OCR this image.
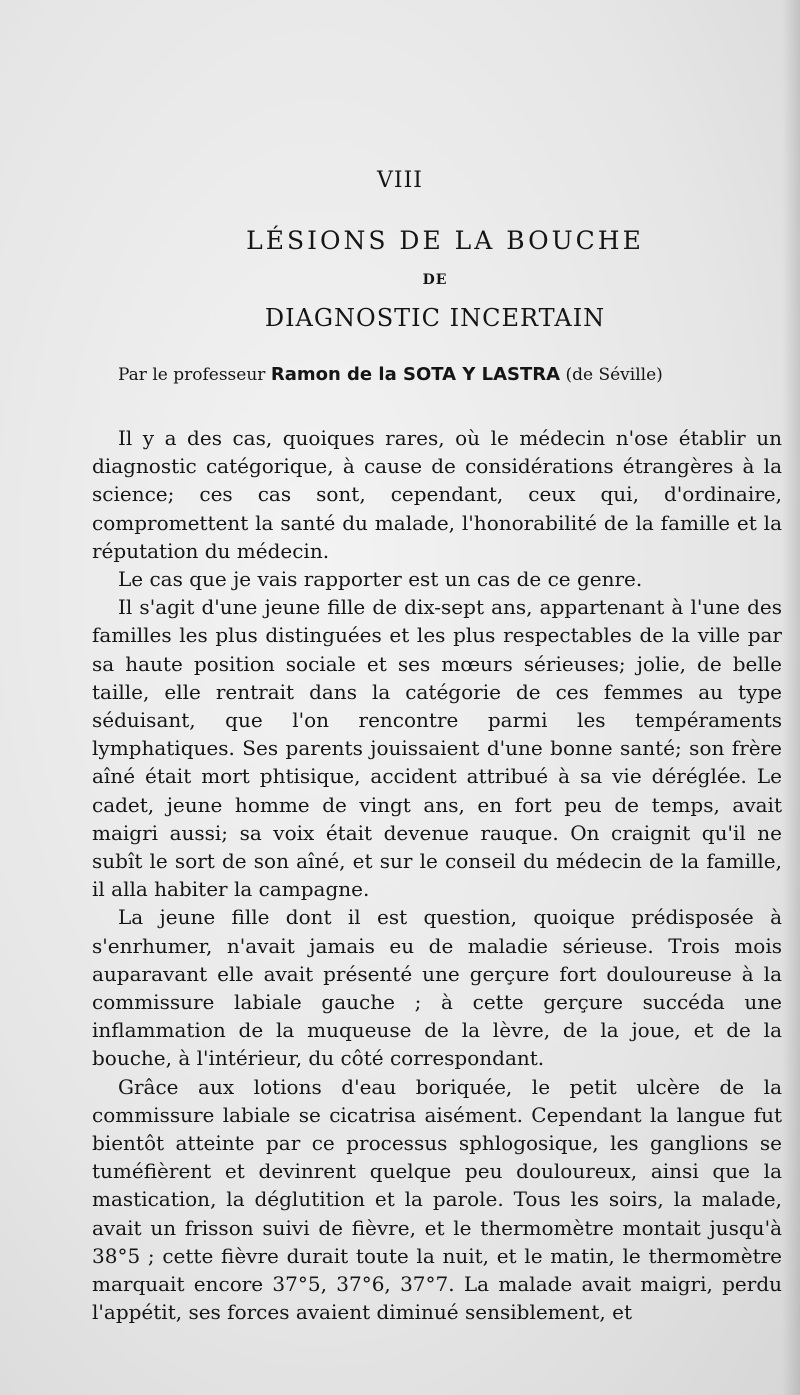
VIII
LÉSIONS DE LA BOUCHE
DE
DIAGNOSTIC INCERTAIN
Par le professeur Ramon de la SOTA Y LASTRA (de Séville)

Il y a des cas, quoiques rares, où le médecin n'ose établir un diagnostic catégorique, à cause de considérations étrangères à la science; ces cas sont, cependant, ceux qui, d'ordinaire, compromettent la santé du malade, l'honorabilité de la famille et la réputation du médecin.

Le cas que je vais rapporter est un cas de ce genre.

Il s'agit d'une jeune fille de dix-sept ans, appartenant à l'une des familles les plus distinguées et les plus respectables de la ville par sa haute position sociale et ses mœurs sérieuses; jolie, de belle taille, elle rentrait dans la catégorie de ces femmes au type séduisant, que l'on rencontre parmi les tempéraments lymphatiques. Ses parents jouissaient d'une bonne santé; son frère aîné était mort phtisique, accident attribué à sa vie déréglée. Le cadet, jeune homme de vingt ans, en fort peu de temps, avait maigri aussi; sa voix était devenue rauque. On craignit qu'il ne subît le sort de son aîné, et sur le conseil du médecin de la famille, il alla habiter la campagne.

La jeune fille dont il est question, quoique prédisposée à s'enrhumer, n'avait jamais eu de maladie sérieuse. Trois mois auparavant elle avait présenté une gerçure fort douloureuse à la commissure labiale gauche ; à cette gerçure succéda une inflammation de la muqueuse de la lèvre, de la joue, et de la bouche, à l'intérieur, du côté correspondant.

Grâce aux lotions d'eau boriquée, le petit ulcère de la commissure labiale se cicatrisa aisément. Cependant la langue fut bientôt atteinte par ce processus sphlogosique, les ganglions se tuméfièrent et devinrent quelque peu douloureux, ainsi que la mastication, la déglutition et la parole. Tous les soirs, la malade, avait un frisson suivi de fièvre, et le thermomètre montait jusqu'à 38°5 ; cette fièvre durait toute la nuit, et le matin, le thermomètre marquait encore 37°5, 37°6, 37°7. La malade avait maigri, perdu l'appétit, ses forces avaient diminué sensiblement, et
